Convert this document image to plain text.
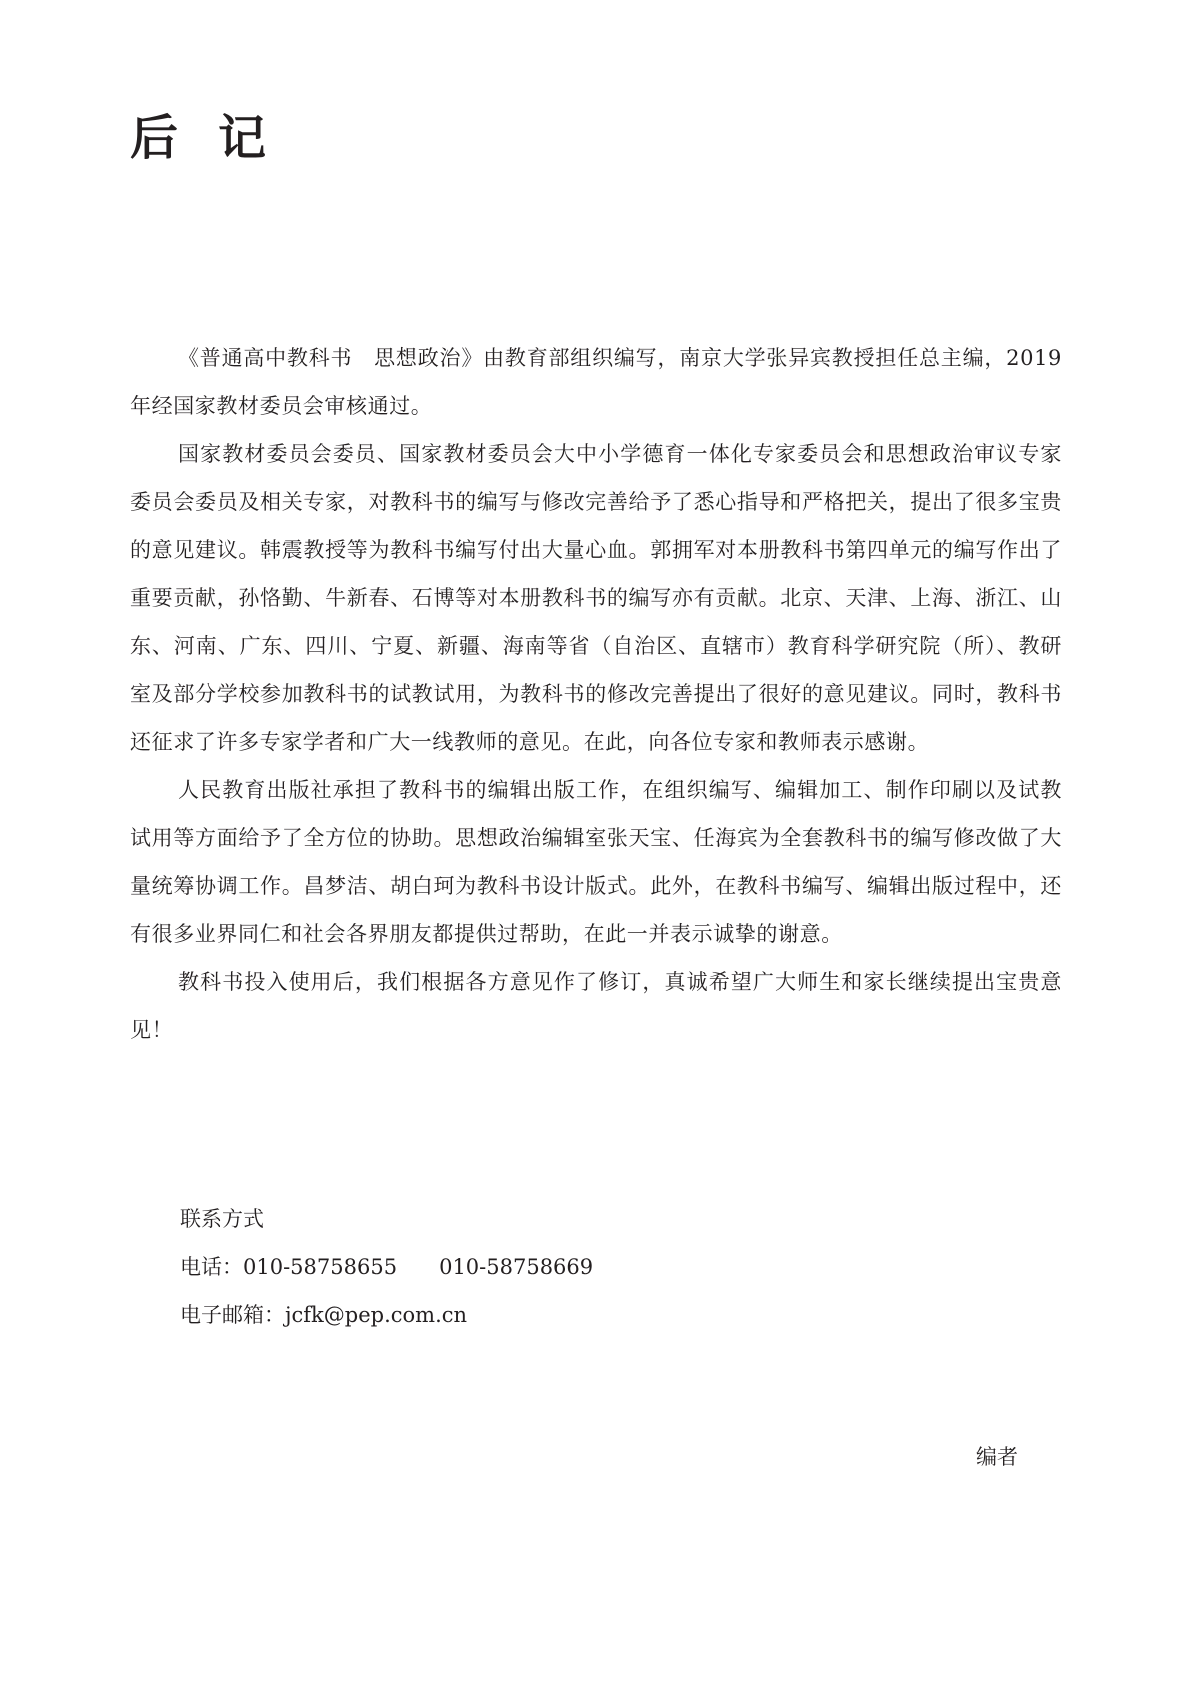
后记

《普通高中教科书　思想政治》由教育部组织编写，南京大学张异宾教授担任总主编，2019年经国家教材委员会审核通过。

国家教材委员会委员、国家教材委员会大中小学德育一体化专家委员会和思想政治审议专家委员会委员及相关专家，对教科书的编写与修改完善给予了悉心指导和严格把关，提出了很多宝贵的意见建议。韩震教授等为教科书编写付出大量心血。郭拥军对本册教科书第四单元的编写作出了重要贡献，孙恪勤、牛新春、石博等对本册教科书的编写亦有贡献。北京、天津、上海、浙江、山东、河南、广东、四川、宁夏、新疆、海南等省（自治区、直辖市）教育科学研究院（所）、教研室及部分学校参加教科书的试教试用，为教科书的修改完善提出了很好的意见建议。同时，教科书还征求了许多专家学者和广大一线教师的意见。在此，向各位专家和教师表示感谢。

人民教育出版社承担了教科书的编辑出版工作，在组织编写、编辑加工、制作印刷以及试教试用等方面给予了全方位的协助。思想政治编辑室张天宝、任海宾为全套教科书的编写修改做了大量统筹协调工作。昌梦洁、胡白珂为教科书设计版式。此外，在教科书编写、编辑出版过程中，还有很多业界同仁和社会各界朋友都提供过帮助，在此一并表示诚挚的谢意。

教科书投入使用后，我们根据各方意见作了修订，真诚希望广大师生和家长继续提出宝贵意见！

联系方式
电话：010-58758655 010-58758669
电子邮箱：jcfk@pep.com.cn
编者
